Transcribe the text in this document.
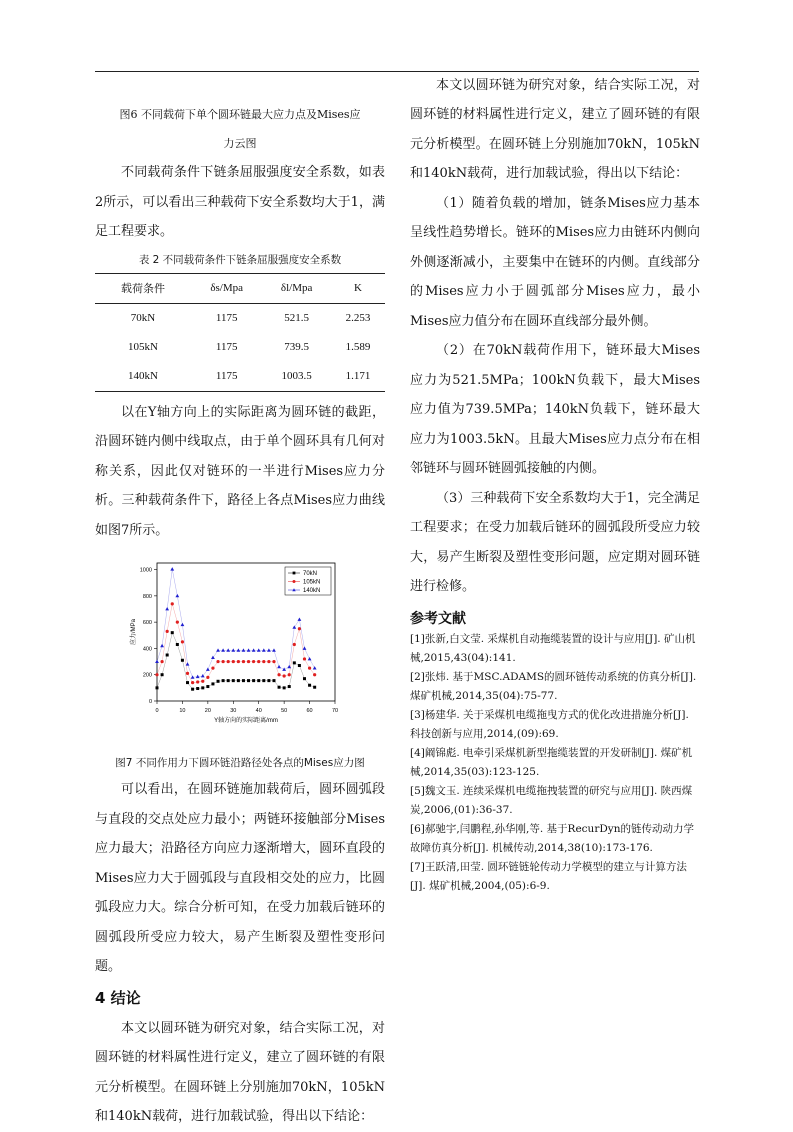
图6 不同载荷下单个圆环链最大应力点及Mises应
力云图

不同载荷条件下链条屈服强度安全系数，如表2所示，可以看出三种载荷下安全系数均大于1，满足工程要求。

表 2 不同载荷条件下链条屈服强度安全系数
载荷条件	δs/Mpa	δl/Mpa	K
70kN	1175	521.5	2.253
105kN	1175	739.5	1.589
140kN	1175	1003.5	1.171

以在Y轴方向上的实际距离为圆环链的截距，沿圆环链内侧中线取点，由于单个圆环具有几何对称关系，因此仅对链环的一半进行Mises应力分析。三种载荷条件下，路径上各点Mises应力曲线如图7所示。

0	10	20	30	40	50	60	70
0
200
400
600
800
1000
Y轴方向的实际距离/mm
应力/MPa
70kN
105kN
140kN
图7 不同作用力下圆环链沿路径处各点的Mises应力图

可以看出，在圆环链施加载荷后，圆环圆弧段与直段的交点处应力最小；两链环接触部分Mises应力最大；沿路径方向应力逐渐增大，圆环直段的Mises应力大于圆弧段与直段相交处的应力，比圆弧段应力大。综合分析可知，在受力加载后链环的圆弧段所受应力较大，易产生断裂及塑性变形问题。

4 结论

本文以圆环链为研究对象，结合实际工况，对圆环链的材料属性进行定义，建立了圆环链的有限元分析模型。在圆环链上分别施加70kN，105kN和140kN载荷，进行加载试验，得出以下结论：

本文以圆环链为研究对象，结合实际工况，对圆环链的材料属性进行定义，建立了圆环链的有限元分析模型。在圆环链上分别施加70kN，105kN和140kN载荷，进行加载试验，得出以下结论：

（1）随着负载的增加，链条Mises应力基本呈线性趋势增长。链环的Mises应力由链环内侧向外侧逐渐减小，主要集中在链环的内侧。直线部分的Mises应力小于圆弧部分Mises应力，最小Mises应力值分布在圆环直线部分最外侧。

（2）在70kN载荷作用下，链环最大Mises应力为521.5MPa；100kN负载下，最大Mises应力值为739.5MPa；140kN负载下，链环最大应力为1003.5kN。且最大Mises应力点分布在相邻链环与圆环链圆弧接触的内侧。

（3）三种载荷下安全系数均大于1，完全满足工程要求；在受力加载后链环的圆弧段所受应力较大，易产生断裂及塑性变形问题，应定期对圆环链进行检修。

参考文献

[1]张新,白文莹. 采煤机自动拖缆装置的设计与应用[J]. 矿山机械,2015,43(04):141.

[2]张炜. 基于MSC.ADAMS的圆环链传动系统的仿真分析[J]. 煤矿机械,2014,35(04):75-77.

[3]杨建华. 关于采煤机电缆拖曳方式的优化改进措施分析[J]. 科技创新与应用,2014,(09):69.

[4]阚锦彪. 电牵引采煤机新型拖缆装置的开发研制[J]. 煤矿机械,2014,35(03):123-125.

[5]魏文玉. 连续采煤机电缆拖拽装置的研究与应用[J]. 陕西煤炭,2006,(01):36-37.

[6]郝驰宇,闫鹏程,孙华刚,等. 基于RecurDyn的链传动动力学故障仿真分析[J]. 机械传动,2014,38(10):173-176.

[7]王跃清,田莹. 圆环链链轮传动力学模型的建立与计算方法[J]. 煤矿机械,2004,(05):6-9.
